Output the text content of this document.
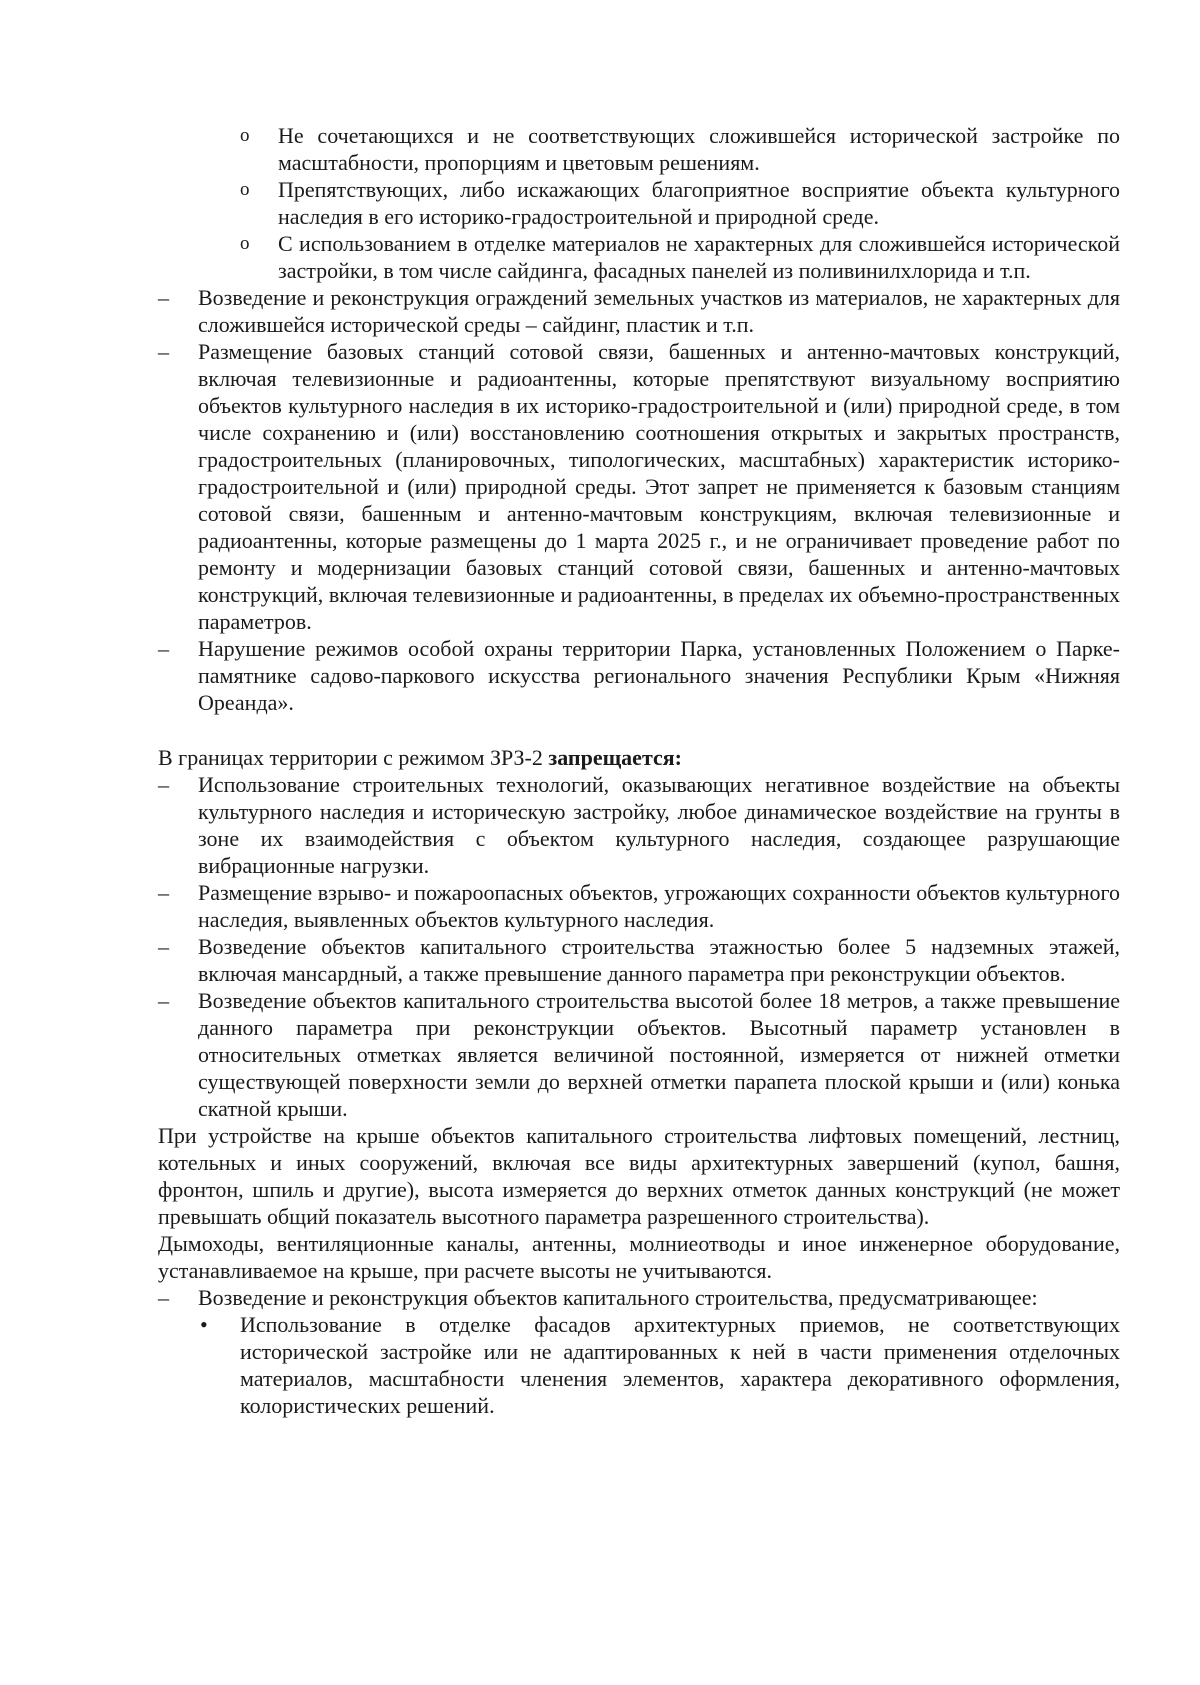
o Не сочетающихся и не соответствующих сложившейся исторической застройке по масштабности, пропорциям и цветовым решениям.
o Препятствующих, либо искажающих благоприятное восприятие объекта культурного наследия в его историко-градостроительной и природной среде.
o С использованием в отделке материалов не характерных для сложившейся исторической застройки, в том числе сайдинга, фасадных панелей из поливинилхлорида и т.п.
– Возведение и реконструкция ограждений земельных участков из материалов, не характерных для сложившейся исторической среды – сайдинг, пластик и т.п.
– Размещение базовых станций сотовой связи, башенных и антенно-мачтовых конструкций, включая телевизионные и радиоантенны, которые препятствуют визуальному восприятию объектов культурного наследия в их историко-градостроительной и (или) природной среде, в том числе сохранению и (или) восстановлению соотношения открытых и закрытых пространств, градостроительных (планировочных, типологических, масштабных) характеристик историко-градостроительной и (или) природной среды. Этот запрет не применяется к базовым станциям сотовой связи, башенным и антенно-мачтовым конструкциям, включая телевизионные и радиоантенны, которые размещены до 1 марта 2025 г., и не ограничивает проведение работ по ремонту и модернизации базовых станций сотовой связи, башенных и антенно-мачтовых конструкций, включая телевизионные и радиоантенны, в пределах их объемно-пространственных параметров.
– Нарушение режимов особой охраны территории Парка, установленных Положением о Парке-памятнике садово-паркового искусства регионального значения Республики Крым «Нижняя Ореанда».
В границах территории с режимом ЗРЗ-2 запрещается:
– Использование строительных технологий, оказывающих негативное воздействие на объекты культурного наследия и историческую застройку, любое динамическое воздействие на грунты в зоне их взаимодействия с объектом культурного наследия, создающее разрушающие вибрационные нагрузки.
– Размещение взрыво- и пожароопасных объектов, угрожающих сохранности объектов культурного наследия, выявленных объектов культурного наследия.
– Возведение объектов капитального строительства этажностью более 5 надземных этажей, включая мансардный, а также превышение данного параметра при реконструкции объектов.
– Возведение объектов капитального строительства высотой более 18 метров, а также превышение данного параметра при реконструкции объектов. Высотный параметр установлен в относительных отметках является величиной постоянной, измеряется от нижней отметки существующей поверхности земли до верхней отметки парапета плоской крыши и (или) конька скатной крыши.
При устройстве на крыше объектов капитального строительства лифтовых помещений, лестниц, котельных и иных сооружений, включая все виды архитектурных завершений (купол, башня, фронтон, шпиль и другие), высота измеряется до верхних отметок данных конструкций (не может превышать общий показатель высотного параметра разрешенного строительства).
Дымоходы, вентиляционные каналы, антенны, молниеотводы и иное инженерное оборудование, устанавливаемое на крыше, при расчете высоты не учитываются.
– Возведение и реконструкция объектов капитального строительства, предусматривающее:
• Использование в отделке фасадов архитектурных приемов, не соответствующих исторической застройке или не адаптированных к ней в части применения отделочных материалов, масштабности членения элементов, характера декоративного оформления, колористических решений.
